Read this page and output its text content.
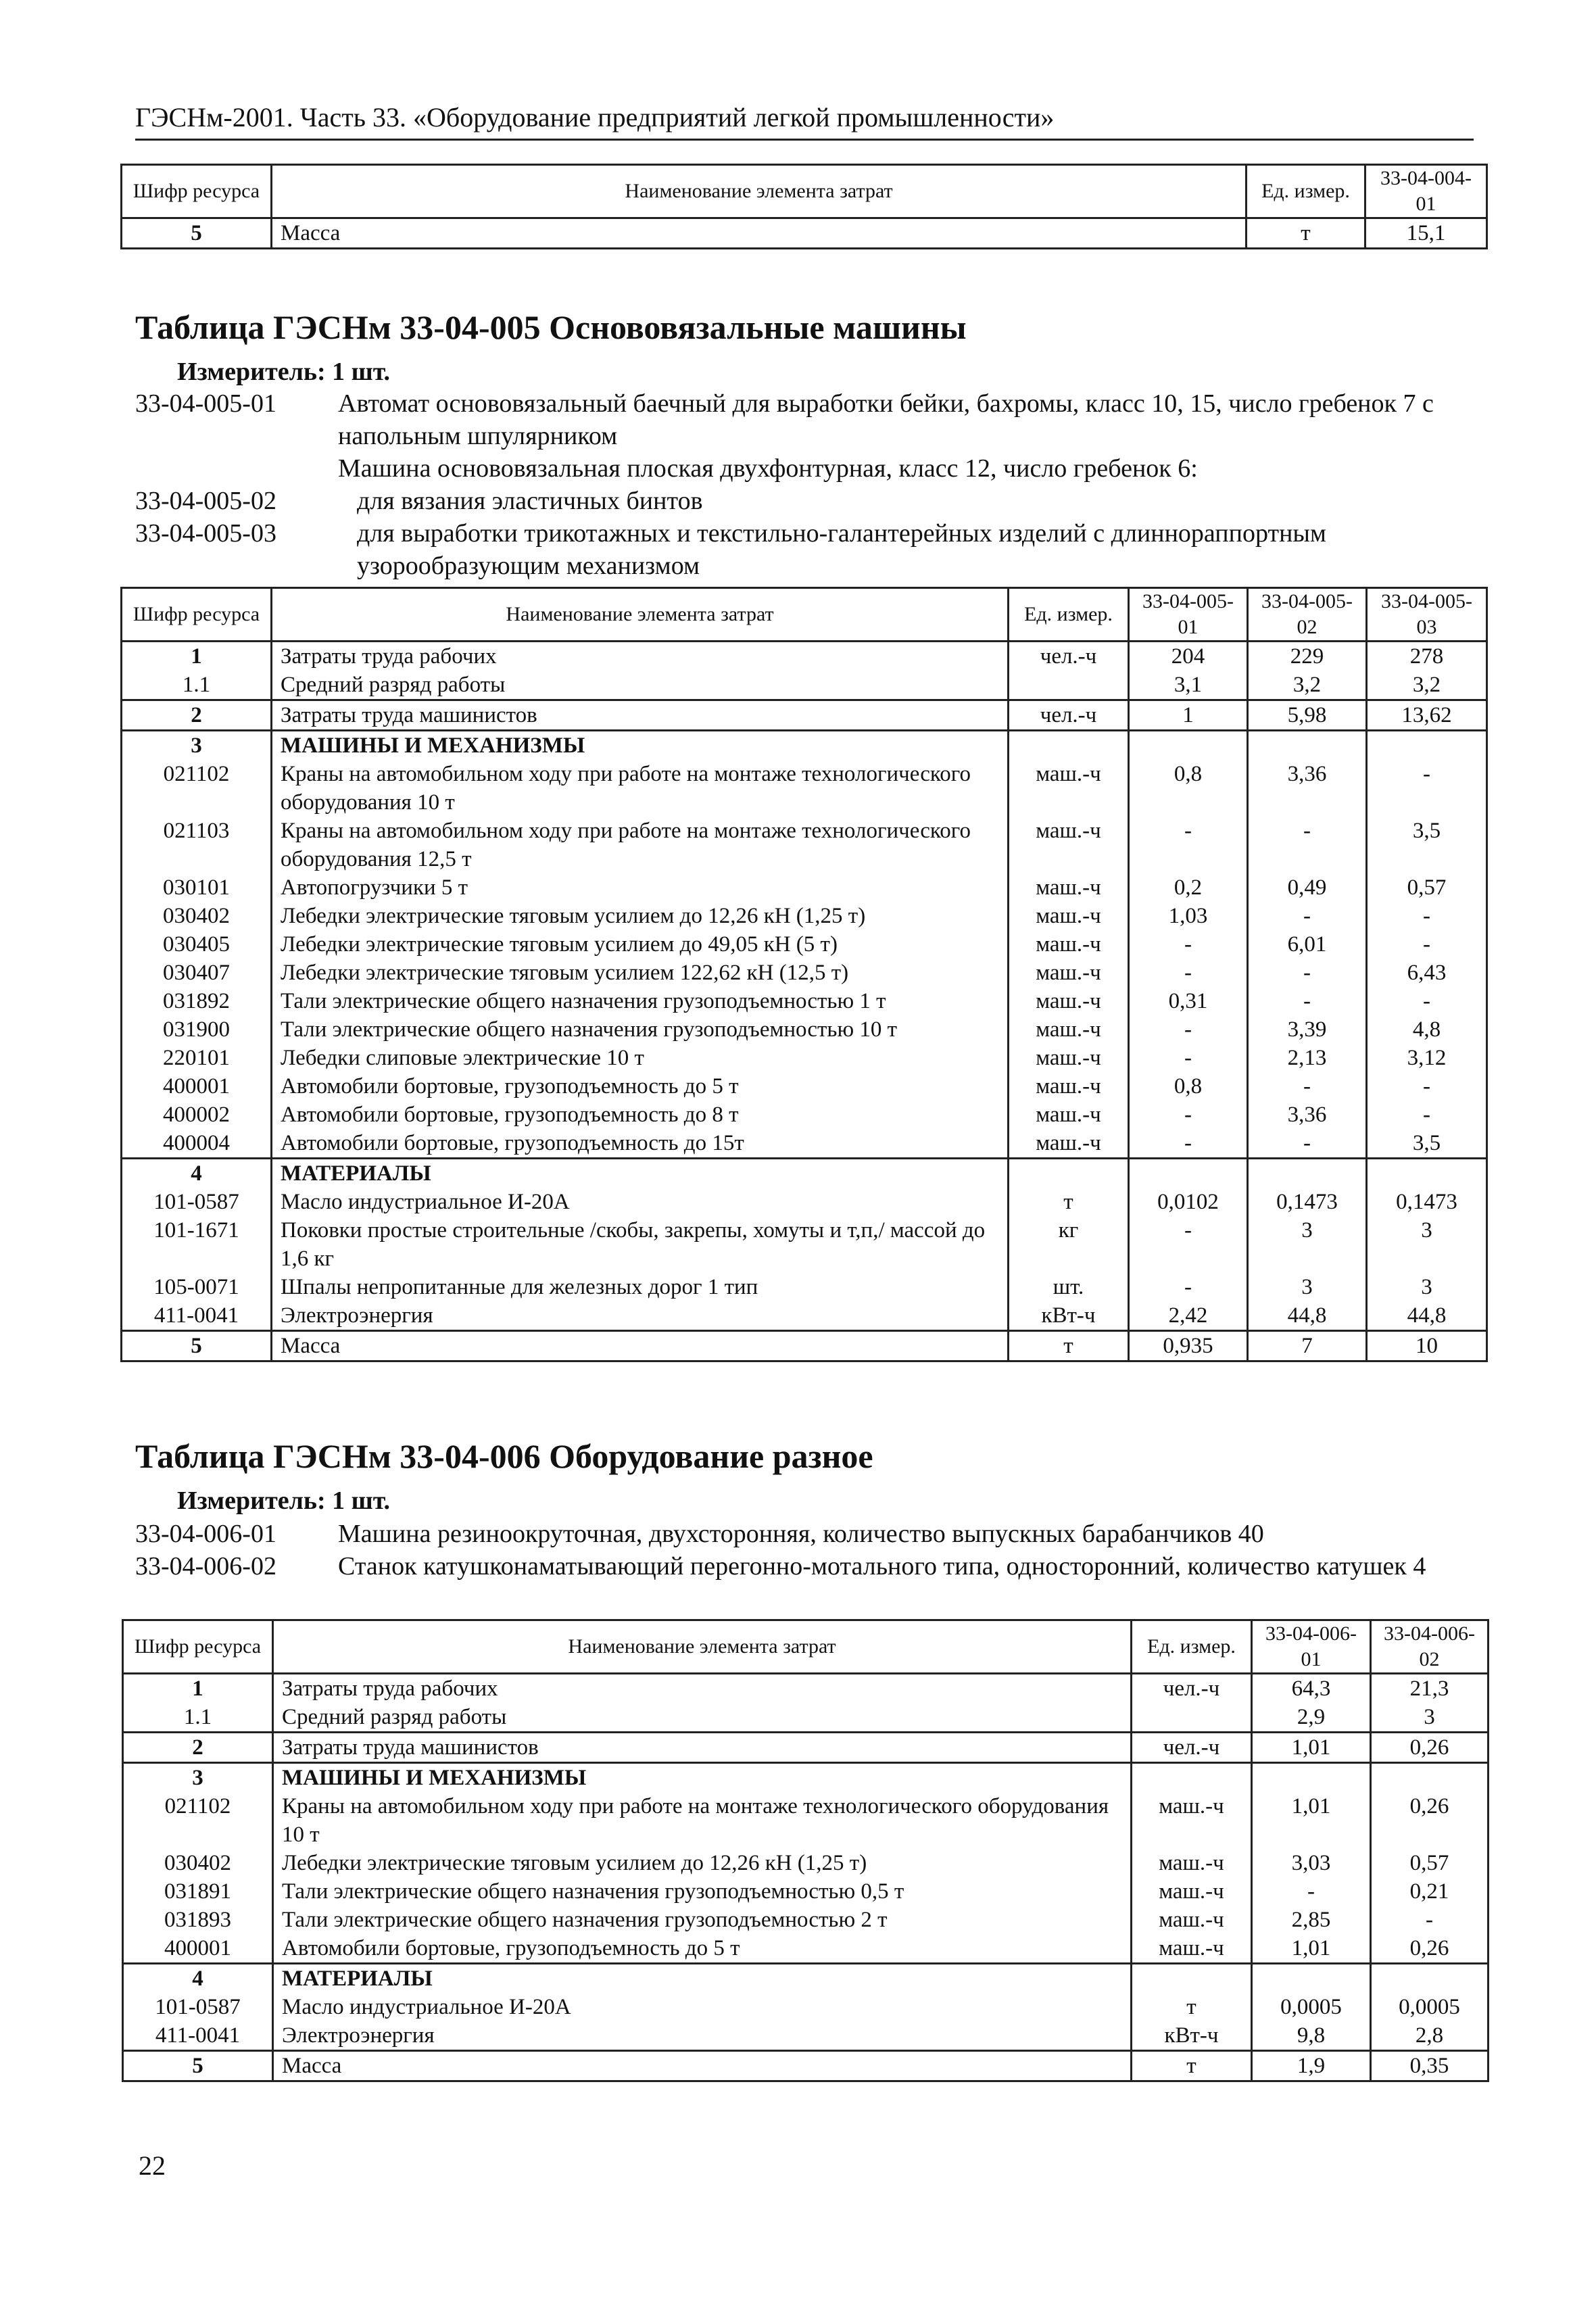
ГЭСНм-2001. Часть 33. «Оборудование предприятий легкой промышленности»
Шифр ресурса	Наименование элемента затрат	Ед. измер.	33-04-004-01
5	Масса	т	15,1
Таблица ГЭСНм 33-04-005 Основовязальные машины
Измеритель: 1 шт.
33-04-005-01	Автомат основовязальный баечный для выработки бейки, бахромы, класс 10, 15, число гребенок 7 с напольным шпулярником
Машина основовязальная плоская двухфонтурная, класс 12, число гребенок 6:
33-04-005-02	для вязания эластичных бинтов
33-04-005-03	для выработки трикотажных и текстильно-галантерейных изделий с длиннораппортным узорообразующим механизмом
Шифр ресурса	Наименование элемента затрат	Ед. измер.	33-04-005-01	33-04-005-02	33-04-005-03
1	Затраты труда рабочих	чел.-ч	204	229	278
1.1	Средний разряд работы		3,1	3,2	3,2
2	Затраты труда машинистов	чел.-ч	1	5,98	13,62
3	МАШИНЫ И МЕХАНИЗМЫ				
021102	Краны на автомобильном ходу при работе на монтаже технологического оборудования 10 т	маш.-ч	0,8	3,36	-
021103	Краны на автомобильном ходу при работе на монтаже технологического оборудования 12,5 т	маш.-ч	-	-	3,5
030101	Автопогрузчики 5 т	маш.-ч	0,2	0,49	0,57
030402	Лебедки электрические тяговым усилием до 12,26 кН (1,25 т)	маш.-ч	1,03	-	-
030405	Лебедки электрические тяговым усилием до 49,05 кН (5 т)	маш.-ч	-	6,01	-
030407	Лебедки электрические тяговым усилием 122,62 кН (12,5 т)	маш.-ч	-	-	6,43
031892	Тали электрические общего назначения грузоподъемностью 1 т	маш.-ч	0,31	-	-
031900	Тали электрические общего назначения грузоподъемностью 10 т	маш.-ч	-	3,39	4,8
220101	Лебедки слиповые электрические 10 т	маш.-ч	-	2,13	3,12
400001	Автомобили бортовые, грузоподъемность до 5 т	маш.-ч	0,8	-	-
400002	Автомобили бортовые, грузоподъемность до 8 т	маш.-ч	-	3,36	-
400004	Автомобили бортовые, грузоподъемность до 15т	маш.-ч	-	-	3,5
4	МАТЕРИАЛЫ				
101-0587	Масло индустриальное И-20А	т	0,0102	0,1473	0,1473
101-1671	Поковки простые строительные /скобы, закрепы, хомуты и т,п,/ массой до 1,6 кг	кг	-	3	3
105-0071	Шпалы непропитанные для железных дорог 1 тип	шт.	-	3	3
411-0041	Электроэнергия	кВт-ч	2,42	44,8	44,8
5	Масса	т	0,935	7	10
Таблица ГЭСНм 33-04-006 Оборудование разное
Измеритель: 1 шт.
33-04-006-01	Машина резиноокруточная, двухсторонняя, количество выпускных барабанчиков 40
33-04-006-02	Станок катушконаматывающий перегонно-мотального типа, односторонний, количество катушек 4
Шифр ресурса	Наименование элемента затрат	Ед. измер.	33-04-006-01	33-04-006-02
1	Затраты труда рабочих	чел.-ч	64,3	21,3
1.1	Средний разряд работы		2,9	3
2	Затраты труда машинистов	чел.-ч	1,01	0,26
3	МАШИНЫ И МЕХАНИЗМЫ			
021102	Краны на автомобильном ходу при работе на монтаже технологического оборудования 10 т	маш.-ч	1,01	0,26
030402	Лебедки электрические тяговым усилием до 12,26 кН (1,25 т)	маш.-ч	3,03	0,57
031891	Тали электрические общего назначения грузоподъемностью 0,5 т	маш.-ч	-	0,21
031893	Тали электрические общего назначения грузоподъемностью 2 т	маш.-ч	2,85	-
400001	Автомобили бортовые, грузоподъемность до 5 т	маш.-ч	1,01	0,26
4	МАТЕРИАЛЫ			
101-0587	Масло индустриальное И-20А	т	0,0005	0,0005
411-0041	Электроэнергия	кВт-ч	9,8	2,8
5	Масса	т	1,9	0,35
22
